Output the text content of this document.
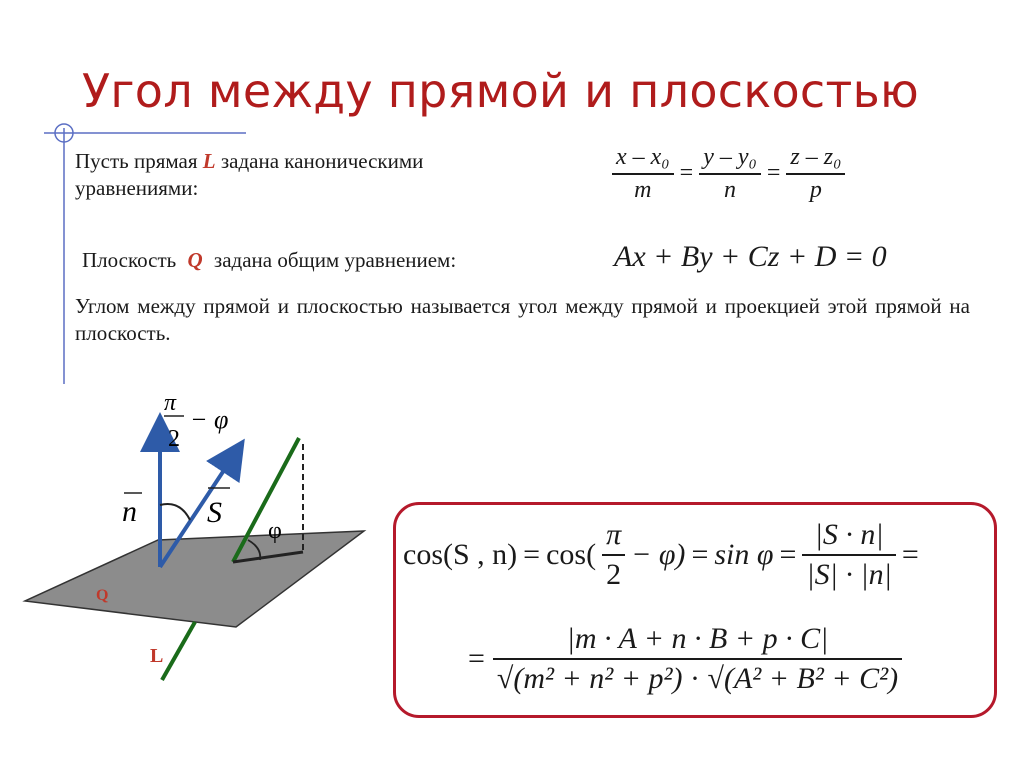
Угол между прямой и плоскостью
Пусть прямая L задана каноническими
уравнениями:	$\frac{\text{x – x₀}}{m} = \frac{\text{y – y₀}}{n} = \frac{\text{z – z₀}}{p}$
Плоскость Q задана общим уравнением:	Ax + By + Cz + D = 0
Углом между прямой и плоскостью называется угол между прямой и проекцией этой прямой на плоскость.
π
2
− φ
n S
φ
Q
L
cos(S , $n) = \cos( \frac{\pi}{2} - \varphi) = \sin \varphi = \frac{|S \cdot n|}{|S| \cdot |n|}$ =
= $\frac{|m \cdot A + n \cdot B + p \cdot C|}{\text{√(m² + n² + p²) · √(A² + B² + C²)}}$
